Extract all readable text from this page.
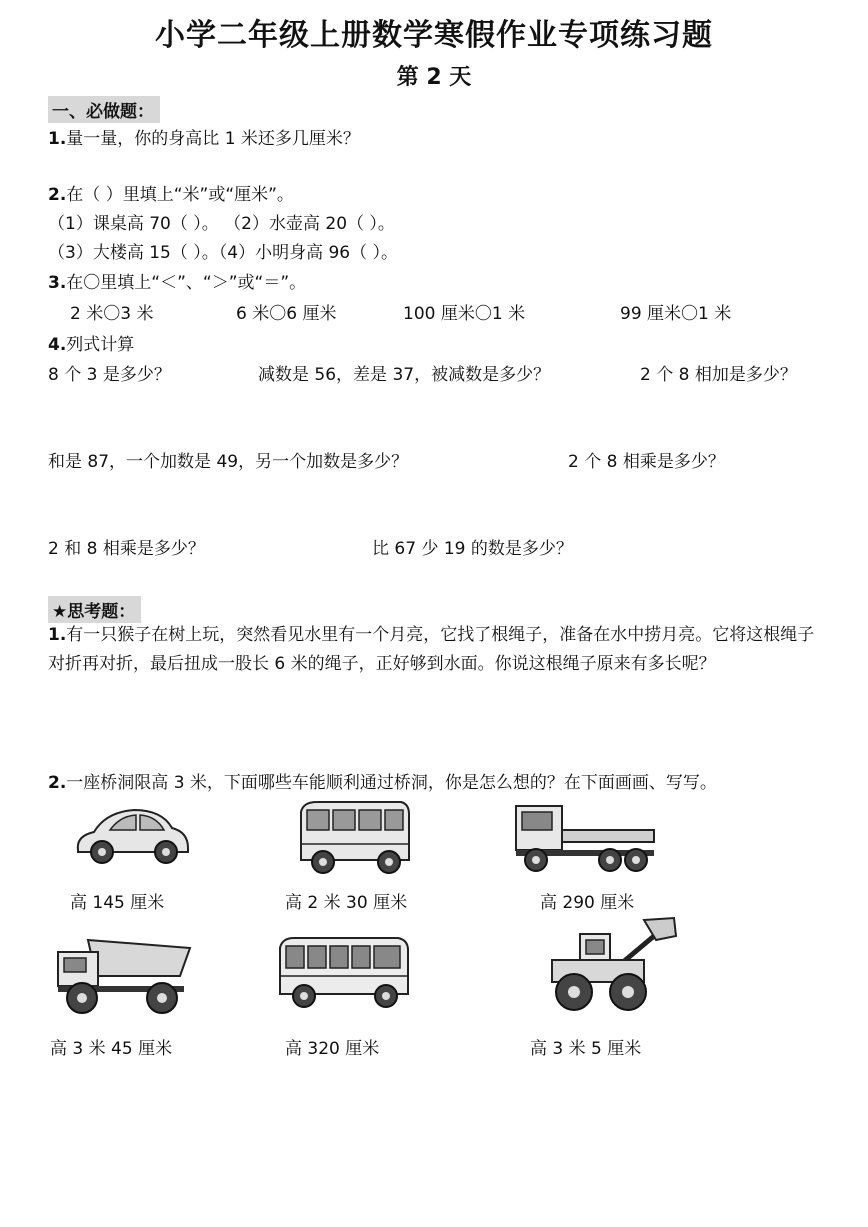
小学二年级上册数学寒假作业专项练习题
第 2 天
一、必做题：
1.量一量，你的身高比 1 米还多几厘米？
2.在（ ）里填上“米”或“厘米”。
（1）课桌高 70（ ）。 （2）水壶高 20（ ）。
（3）大楼高 15（ ）。（4）小明身高 96（ ）。
3.在〇里填上“＜”、“＞”或“＝”。
2 米〇3 米	6 米〇6 厘米	100 厘米〇1 米	99 厘米〇1 米
4.列式计算
8 个 3 是多少？	减数是 56，差是 37，被减数是多少？	2 个 8 相加是多少？
和是 87，一个加数是 49，另一个加数是多少？	2 个 8 相乘是多少？
2 和 8 相乘是多少？	比 67 少 19 的数是多少？
★思考题：
1.有一只猴子在树上玩，突然看见水里有一个月亮，它找了根绳子，准备在水中捞月亮。它将这根绳子对折再对折，最后扭成一股长 6 米的绳子，正好够到水面。你说这根绳子原来有多长呢？
2.一座桥洞限高 3 米，下面哪些车能顺利通过桥洞，你是怎么想的？在下面画画、写写。
高 145 厘米	高 2 米 30 厘米	高 290 厘米
高 3 米 45 厘米	高 320 厘米	高 3 米 5 厘米
